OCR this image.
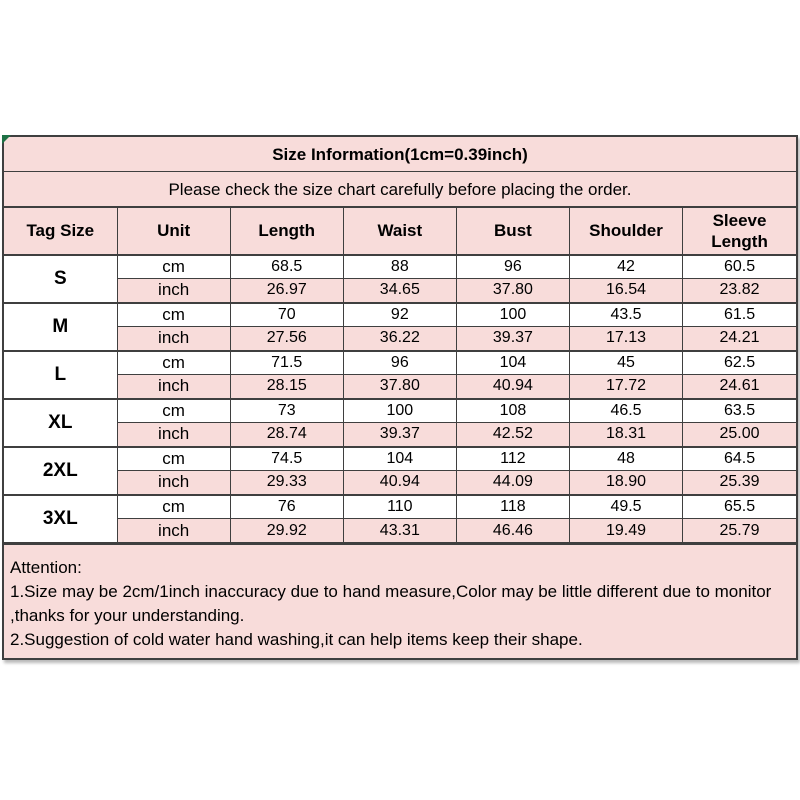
Size Information(1cm=0.39inch)
Please check the size chart carefully before placing the order.
Tag Size	Unit	Length	Waist	Bust	Shoulder	Sleeve Length
S	cm	68.5	88	96	42	60.5
	inch	26.97	34.65	37.80	16.54	23.82
M	cm	70	92	100	43.5	61.5
	inch	27.56	36.22	39.37	17.13	24.21
L	cm	71.5	96	104	45	62.5
	inch	28.15	37.80	40.94	17.72	24.61
XL	cm	73	100	108	46.5	63.5
	inch	28.74	39.37	42.52	18.31	25.00
2XL	cm	74.5	104	112	48	64.5
	inch	29.33	40.94	44.09	18.90	25.39
3XL	cm	76	110	118	49.5	65.5
	inch	29.92	43.31	46.46	19.49	25.79
Attention:
1.Size may be 2cm/1inch inaccuracy due to hand measure,Color may be little different due to monitor ,thanks for your understanding.
2.Suggestion of cold water hand washing,it can help items keep their shape.
